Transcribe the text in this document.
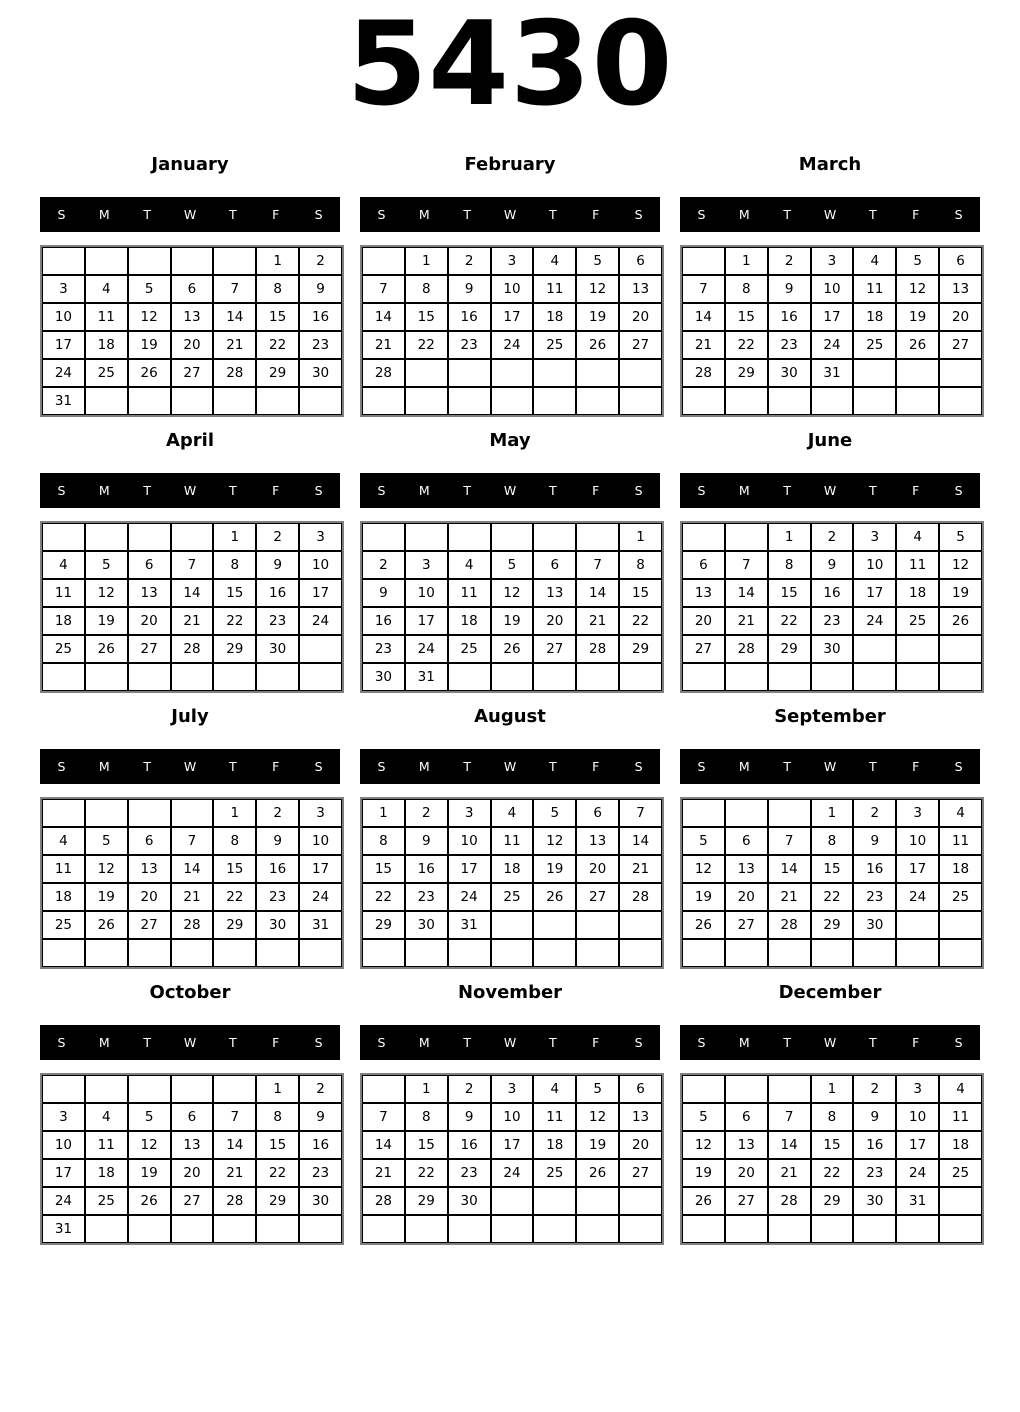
5430
January
S	M	T	W	T	F	S
					1	2
3	4	5	6	7	8	9
10	11	12	13	14	15	16
17	18	19	20	21	22	23
24	25	26	27	28	29	30
31						
February
S	M	T	W	T	F	S
	1	2	3	4	5	6
7	8	9	10	11	12	13
14	15	16	17	18	19	20
21	22	23	24	25	26	27
28						

March
S	M	T	W	T	F	S
	1	2	3	4	5	6
7	8	9	10	11	12	13
14	15	16	17	18	19	20
21	22	23	24	25	26	27
28	29	30	31			

April
S	M	T	W	T	F	S
				1	2	3
4	5	6	7	8	9	10
11	12	13	14	15	16	17
18	19	20	21	22	23	24
25	26	27	28	29	30	

May
S	M	T	W	T	F	S
						1
2	3	4	5	6	7	8
9	10	11	12	13	14	15
16	17	18	19	20	21	22
23	24	25	26	27	28	29
30	31					
June
S	M	T	W	T	F	S
		1	2	3	4	5
6	7	8	9	10	11	12
13	14	15	16	17	18	19
20	21	22	23	24	25	26
27	28	29	30			

July
S	M	T	W	T	F	S
				1	2	3
4	5	6	7	8	9	10
11	12	13	14	15	16	17
18	19	20	21	22	23	24
25	26	27	28	29	30	31

August
S	M	T	W	T	F	S
1	2	3	4	5	6	7
8	9	10	11	12	13	14
15	16	17	18	19	20	21
22	23	24	25	26	27	28
29	30	31				

September
S	M	T	W	T	F	S
			1	2	3	4
5	6	7	8	9	10	11
12	13	14	15	16	17	18
19	20	21	22	23	24	25
26	27	28	29	30		

October
S	M	T	W	T	F	S
					1	2
3	4	5	6	7	8	9
10	11	12	13	14	15	16
17	18	19	20	21	22	23
24	25	26	27	28	29	30
31						
November
S	M	T	W	T	F	S
	1	2	3	4	5	6
7	8	9	10	11	12	13
14	15	16	17	18	19	20
21	22	23	24	25	26	27
28	29	30				

December
S	M	T	W	T	F	S
			1	2	3	4
5	6	7	8	9	10	11
12	13	14	15	16	17	18
19	20	21	22	23	24	25
26	27	28	29	30	31	
